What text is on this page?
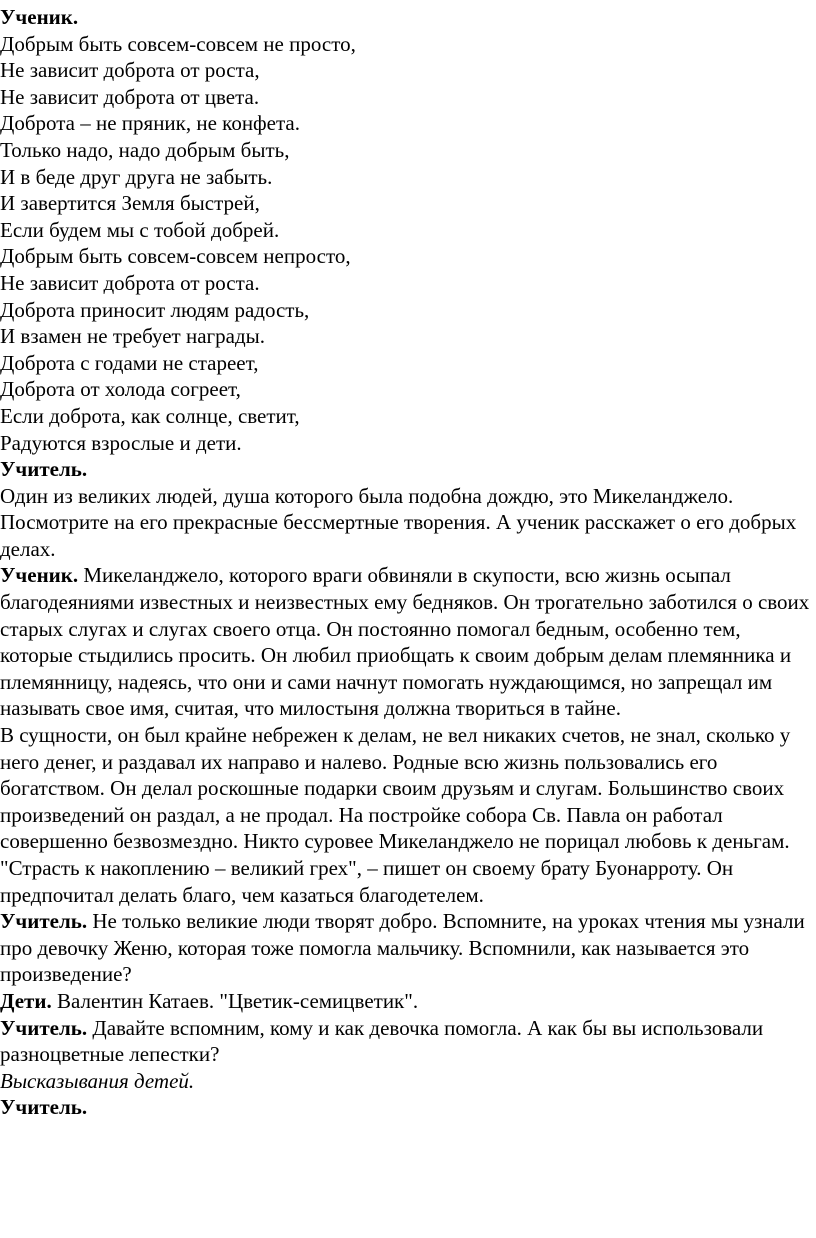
Ученик.
Добрым быть совсем-совсем не просто,
Не зависит доброта от роста,
Не зависит доброта от цвета.
Доброта – не пряник, не конфета.
Только надо, надо добрым быть,
И в беде друг друга не забыть.
И завертится Земля быстрей,
Если будем мы с тобой добрей.
Добрым быть совсем-совсем непросто,
Не зависит доброта от роста.
Доброта приносит людям радость,
И взамен не требует награды.
Доброта с годами не стареет,
Доброта от холода согреет,
Если доброта, как солнце, светит,
Радуются взрослые и дети.
Учитель.

Один из великих людей, душа которого была подобна дождю, это Микеланджело. Посмотрите на его прекрасные бессмертные творения. А ученик расскажет о его добрых делах.

Ученик. Микеланджело, которого враги обвиняли в скупости, всю жизнь осыпал благодеяниями известных и неизвестных ему бедняков. Он трогательно заботился о своих старых слугах и слугах своего отца. Он постоянно помогал бедным, особенно тем, которые стыдились просить. Он любил приобщать к своим добрым делам племянника и племянницу, надеясь, что они и сами начнут помогать нуждающимся, но запрещал им называть свое имя, считая, что милостыня должна твориться в тайне.

В сущности, он был крайне небрежен к делам, не вел никаких счетов, не знал, сколько у него денег, и раздавал их направо и налево. Родные всю жизнь пользовались его богатством. Он делал роскошные подарки своим друзьям и слугам. Большинство своих произведений он раздал, а не продал. На постройке собора Св. Павла он работал совершенно безвозмездно. Никто суровее Микеланджело не порицал любовь к деньгам. "Страсть к накоплению – великий грех", – пишет он своему брату Буонарроту. Он предпочитал делать благо, чем казаться благодетелем.

Учитель. Не только великие люди творят добро. Вспомните, на уроках чтения мы узнали про девочку Женю, которая тоже помогла мальчику. Вспомнили, как называется это произведение?

Дети. Валентин Катаев. "Цветик-семицветик".

Учитель. Давайте вспомним, кому и как девочка помогла. А как бы вы использовали разноцветные лепестки?

Высказывания детей.
Учитель.
